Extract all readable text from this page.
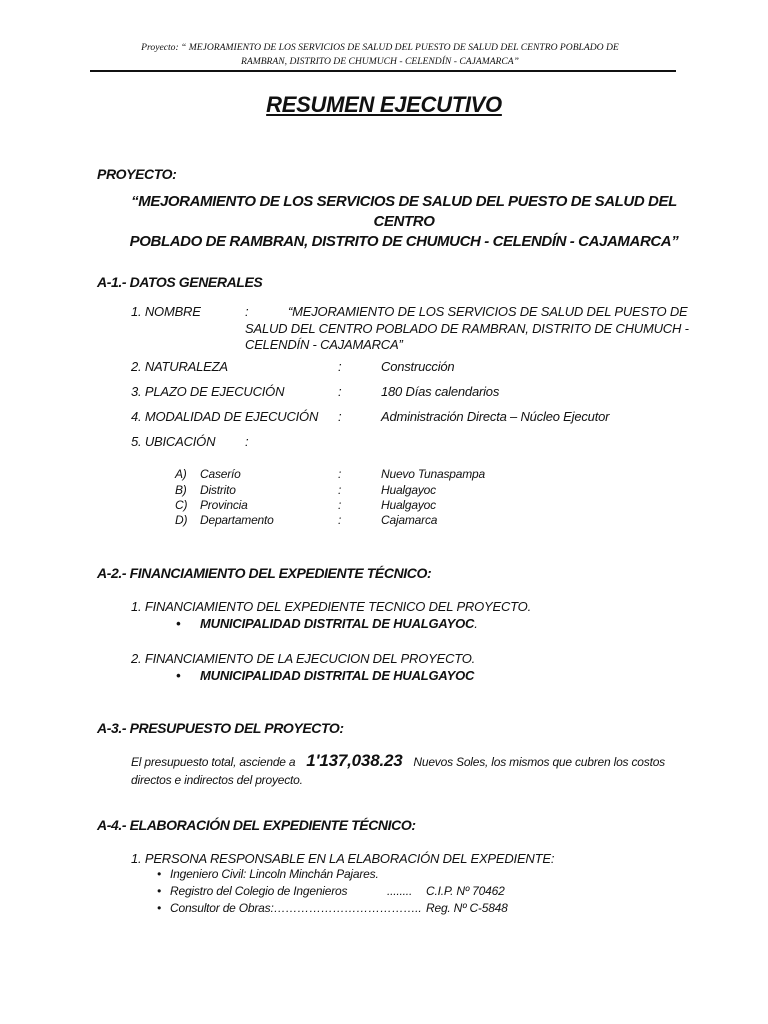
Proyecto: “ MEJORAMIENTO DE LOS SERVICIOS DE SALUD DEL PUESTO DE SALUD DEL CENTRO POBLADO DE
RAMBRAN, DISTRITO DE CHUMUCH - CELENDÍN - CAJAMARCA”
RESUMEN EJECUTIVO
PROYECTO:
“MEJORAMIENTO DE LOS SERVICIOS DE SALUD DEL PUESTO DE SALUD DEL CENTRO
POBLADO DE RAMBRAN, DISTRITO DE CHUMUCH - CELENDÍN - CAJAMARCA”
A-1.- DATOS GENERALES
1. NOMBRE	:	“MEJORAMIENTO DE LOS SERVICIOS DE SALUD DEL PUESTO DE
SALUD DEL CENTRO POBLADO DE RAMBRAN, DISTRITO DE CHUMUCH -
CELENDÍN - CAJAMARCA”
2. NATURALEZA	:	Construcción
3. PLAZO DE EJECUCIÓN	:	180 Días calendarios
4. MODALIDAD DE EJECUCIÓN :	Administración Directa – Núcleo Ejecutor
5. UBICACIÓN :
A) Caserío	:	Nuevo Tunaspampa
B) Distrito	:	Hualgayoc
C) Provincia	:	Hualgayoc
D) Departamento	:	Cajamarca
A-2.- FINANCIAMIENTO DEL EXPEDIENTE TÉCNICO:
1. FINANCIAMIENTO DEL EXPEDIENTE TECNICO DEL PROYECTO.
• MUNICIPALIDAD DISTRITAL DE HUALGAYOC.
2. FINANCIAMIENTO DE LA EJECUCION DEL PROYECTO.
• MUNICIPALIDAD DISTRITAL DE HUALGAYOC
A-3.- PRESUPUESTO DEL PROYECTO:
El presupuesto total, asciende a 1'137,038.23 Nuevos Soles, los mismos que cubren los costos
directos e indirectos del proyecto.
A-4.- ELABORACIÓN DEL EXPEDIENTE TÉCNICO:
1. PERSONA RESPONSABLE EN LA ELABORACIÓN DEL EXPEDIENTE:
• Ingeniero Civil: Lincoln Minchán Pajares.
• Registro del Colegio de Ingenieros	........ C.I.P. Nº 70462
• Consultor de Obras:……………………………….. Reg. Nº C-5848
